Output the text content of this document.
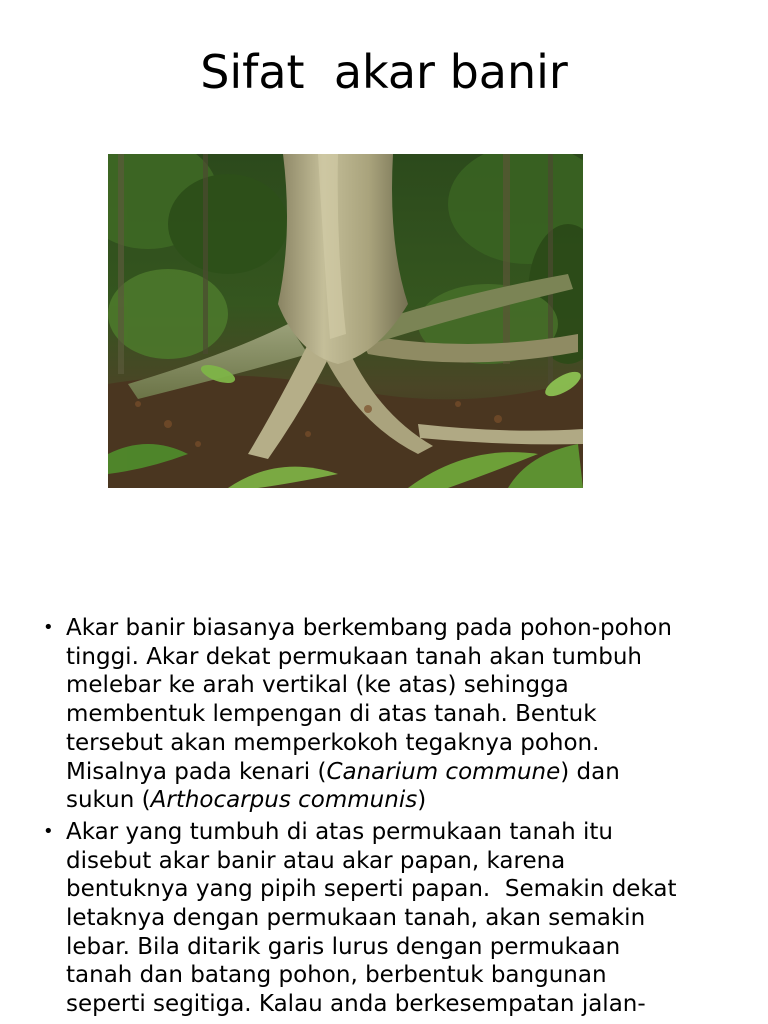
Sifat  akar banir
• Akar banir biasanya berkembang pada pohon-pohon
tinggi. Akar dekat permukaan tanah akan tumbuh
melebar ke arah vertikal (ke atas) sehingga
membentuk lempengan di atas tanah. Bentuk
tersebut akan memperkokoh tegaknya pohon.
Misalnya pada kenari (Canarium commune) dan
sukun (Arthocarpus communis)
• Akar yang tumbuh di atas permukaan tanah itu
disebut akar banir atau akar papan, karena
bentuknya yang pipih seperti papan.  Semakin dekat
letaknya dengan permukaan tanah, akan semakin
lebar. Bila ditarik garis lurus dengan permukaan
tanah dan batang pohon, berbentuk bangunan
seperti segitiga. Kalau anda berkesempatan jalan-
